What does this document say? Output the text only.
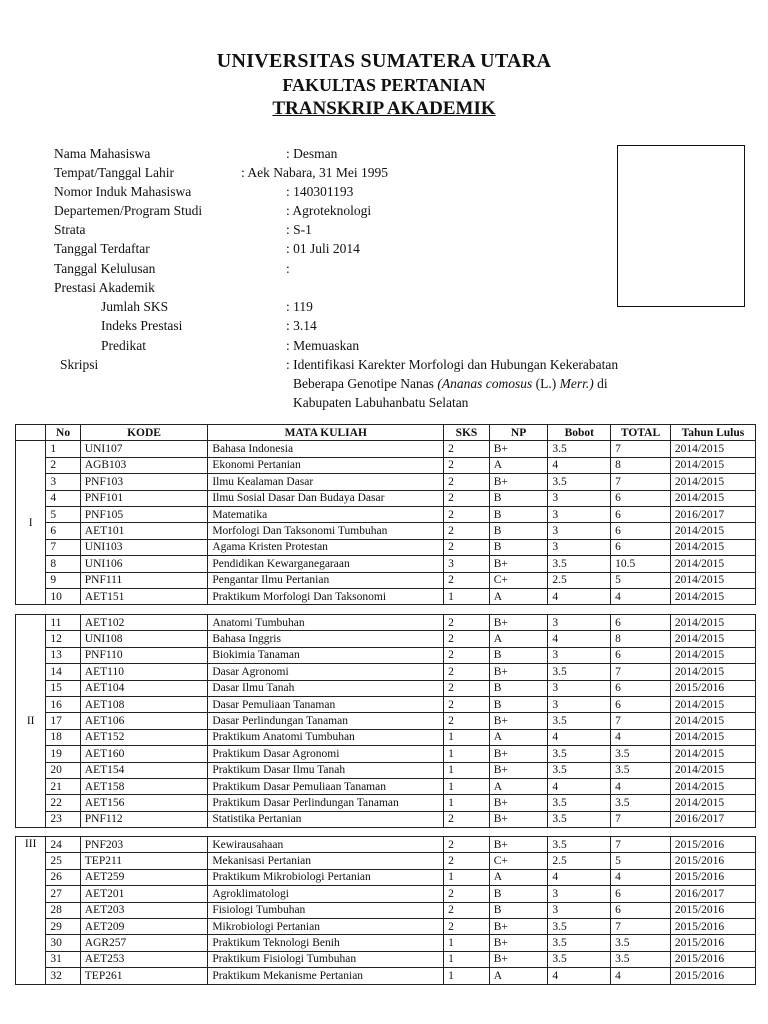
UNIVERSITAS SUMATERA UTARA
FAKULTAS PERTANIAN
TRANSKRIP AKADEMIK
Nama Mahasiswa	: Desman
Tempat/Tanggal Lahir	: Aek Nabara, 31 Mei 1995
Nomor Induk Mahasiswa	: 140301193
Departemen/Program Studi	: Agroteknologi
Strata	: S-1
Tanggal Terdaftar	: 01 Juli 2014
Tanggal Kelulusan	:
Prestasi Akademik
Jumlah SKS	: 119
Indeks Prestasi	: 3.14
Predikat	: Memuaskan
Skripsi	: Identifikasi Karekter Morfologi dan Hubungan Kekerabatan
Beberapa Genotipe Nanas (Ananas comosus (L.) Merr.) di
Kabupaten Labuhanbatu Selatan
	No	KODE	MATA KULIAH	SKS	NP	Bobot	TOTAL	Tahun Lulus
I	1	UNI107	Bahasa Indonesia	2	B+	3.5	7	2014/2015
	2	AGB103	Ekonomi Pertanian	2	A	4	8	2014/2015
	3	PNF103	Ilmu Kealaman Dasar	2	B+	3.5	7	2014/2015
	4	PNF101	Ilmu Sosial Dasar Dan Budaya Dasar	2	B	3	6	2014/2015
	5	PNF105	Matematika	2	B	3	6	2016/2017
	6	AET101	Morfologi Dan Taksonomi Tumbuhan	2	B	3	6	2014/2015
	7	UNI103	Agama Kristen Protestan	2	B	3	6	2014/2015
	8	UNI106	Pendidikan Kewarganegaraan	3	B+	3.5	10.5	2014/2015
	9	PNF111	Pengantar Ilmu Pertanian	2	C+	2.5	5	2014/2015
	10	AET151	Praktikum Morfologi Dan Taksonomi	1	A	4	4	2014/2015
II	11	AET102	Anatomi Tumbuhan	2	B+	3	6	2014/2015
	12	UNI108	Bahasa Inggris	2	A	4	8	2014/2015
	13	PNF110	Biokimia Tanaman	2	B	3	6	2014/2015
	14	AET110	Dasar Agronomi	2	B+	3.5	7	2014/2015
	15	AET104	Dasar Ilmu Tanah	2	B	3	6	2015/2016
	16	AET108	Dasar Pemuliaan Tanaman	2	B	3	6	2014/2015
	17	AET106	Dasar Perlindungan Tanaman	2	B+	3.5	7	2014/2015
	18	AET152	Praktikum Anatomi Tumbuhan	1	A	4	4	2014/2015
	19	AET160	Praktikum Dasar Agronomi	1	B+	3.5	3.5	2014/2015
	20	AET154	Praktikum Dasar Ilmu Tanah	1	B+	3.5	3.5	2014/2015
	21	AET158	Praktikum Dasar Pemuliaan Tanaman	1	A	4	4	2014/2015
	22	AET156	Praktikum Dasar Perlindungan Tanaman	1	B+	3.5	3.5	2014/2015
	23	PNF112	Statistika Pertanian	2	B+	3.5	7	2016/2017
III	24	PNF203	Kewirausahaan	2	B+	3.5	7	2015/2016
	25	TEP211	Mekanisasi Pertanian	2	C+	2.5	5	2015/2016
	26	AET259	Praktikum Mikrobiologi Pertanian	1	A	4	4	2015/2016
	27	AET201	Agroklimatologi	2	B	3	6	2016/2017
	28	AET203	Fisiologi Tumbuhan	2	B	3	6	2015/2016
	29	AET209	Mikrobiologi Pertanian	2	B+	3.5	7	2015/2016
	30	AGR257	Praktikum Teknologi Benih	1	B+	3.5	3.5	2015/2016
	31	AET253	Praktikum Fisiologi Tumbuhan	1	B+	3.5	3.5	2015/2016
	32	TEP261	Praktikum Mekanisme Pertanian	1	A	4	4	2015/2016
